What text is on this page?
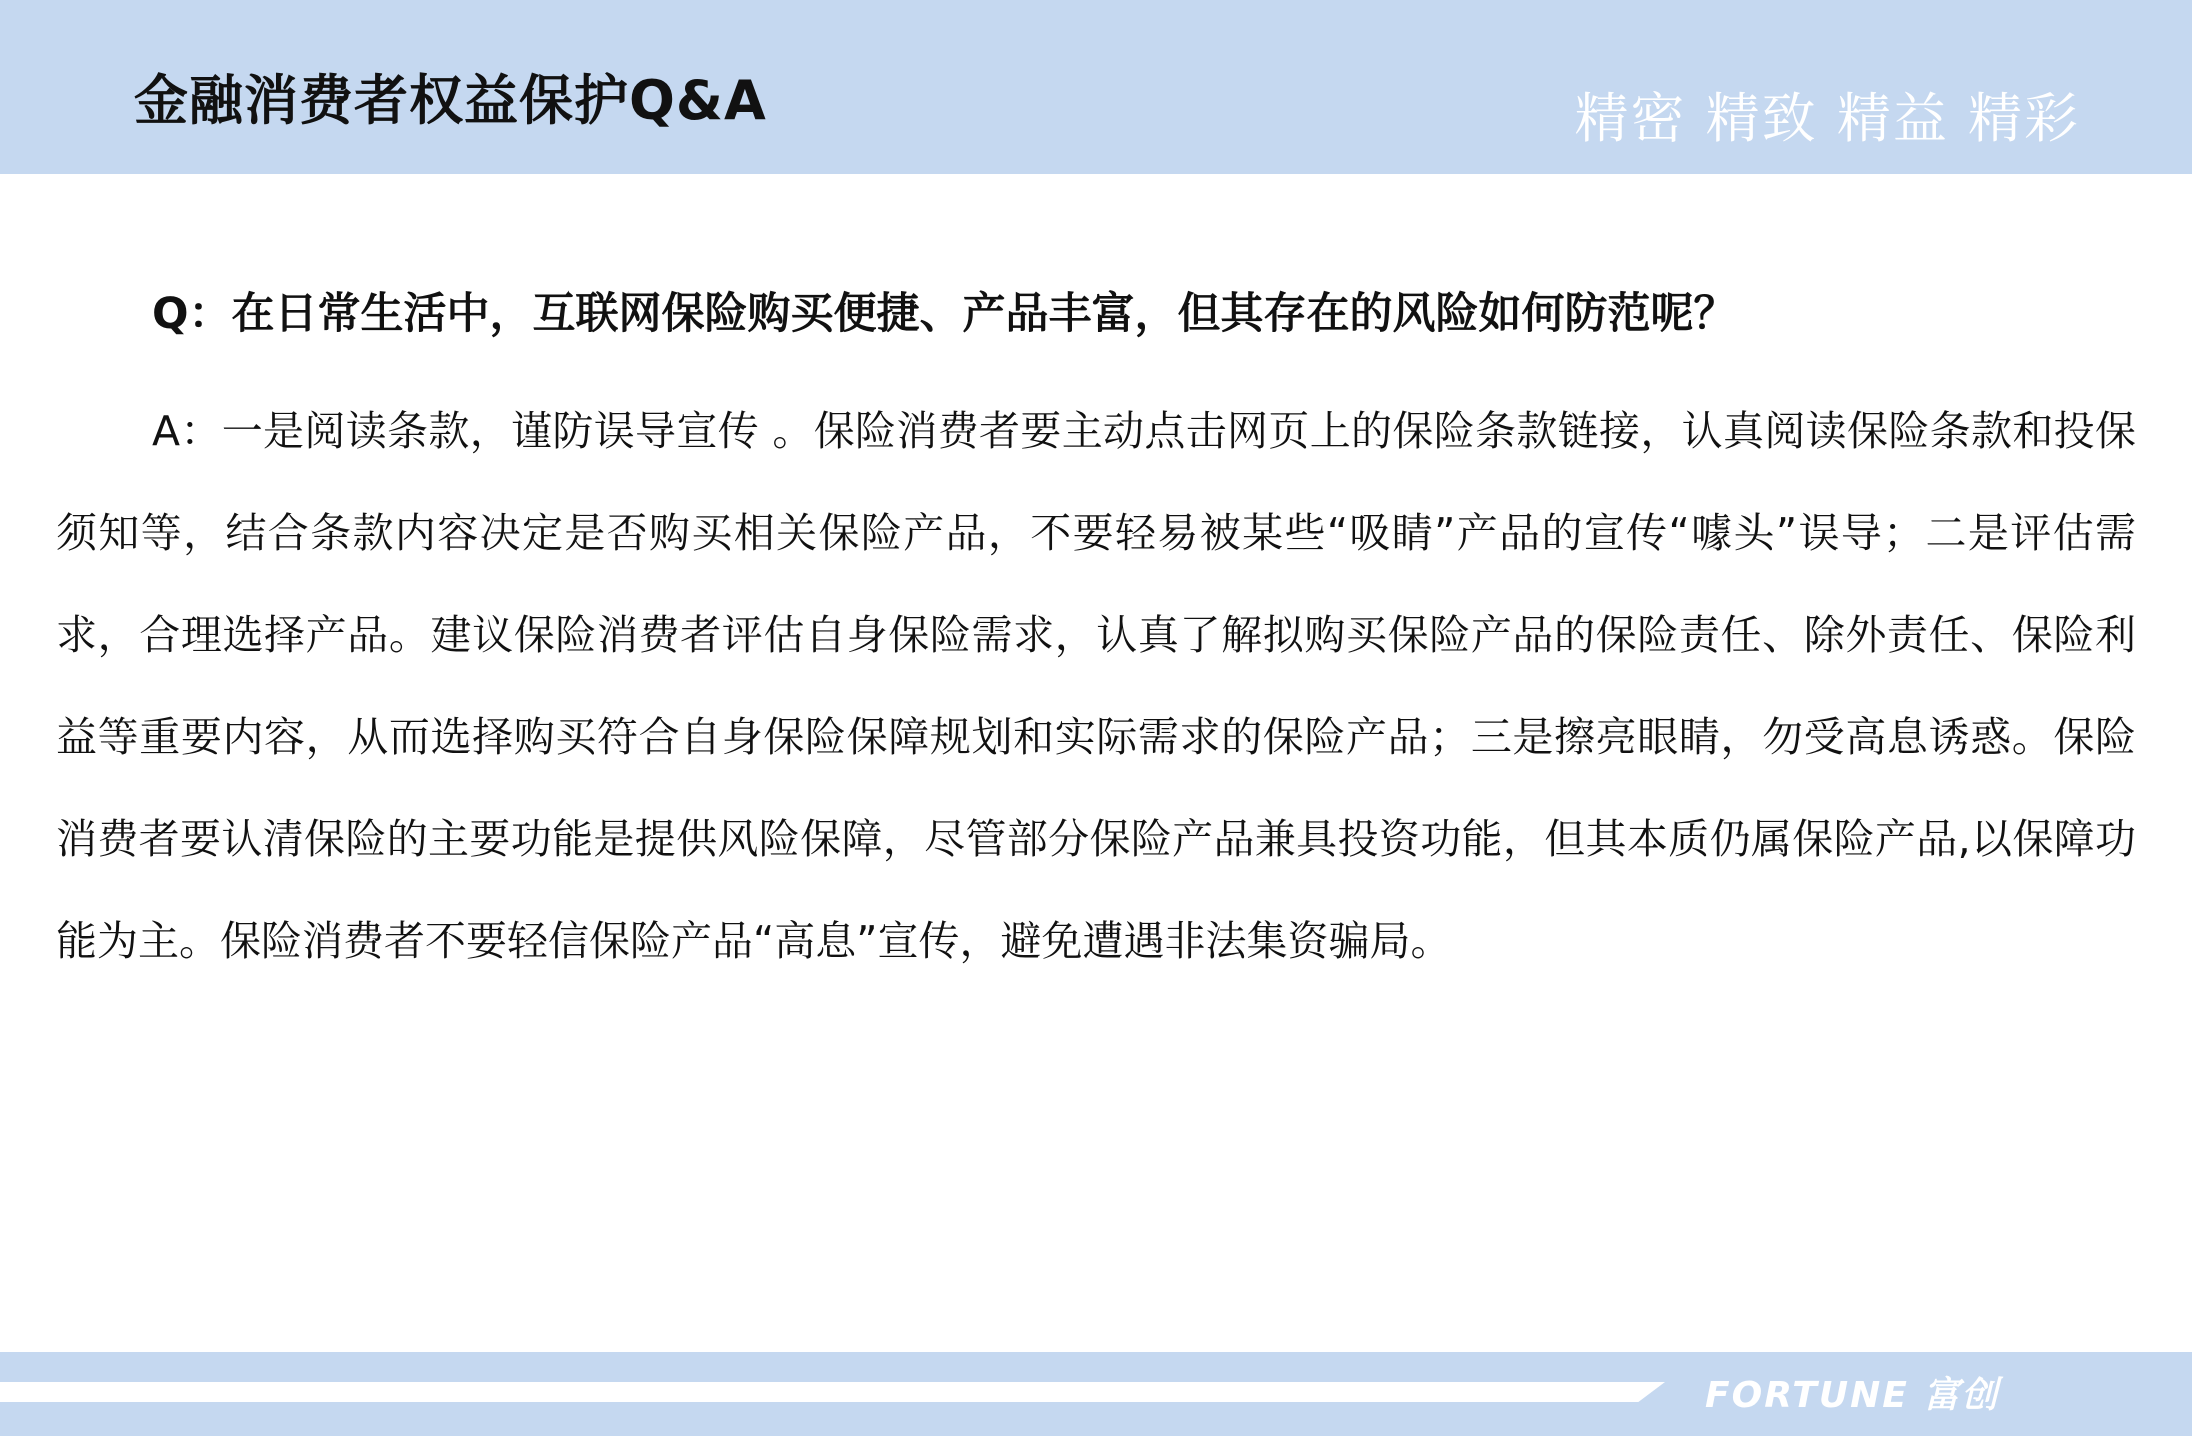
金融消费者权益保护Q&A	精密 精致 精益 精彩

Q：在日常生活中，互联网保险购买便捷、产品丰富，但其存在的风险如何防范呢？

A：一是阅读条款，谨防误导宣传 。保险消费者要主动点击网页上的保险条款链接，认真阅读保险条款和投保须知等，结合条款内容决定是否购买相关保险产品，不要轻易被某些“吸睛”产品的宣传“噱头”误导；二是评估需求，合理选择产品。建议保险消费者评估自身保险需求，认真了解拟购买保险产品的保险责任、除外责任、保险利益等重要内容，从而选择购买符合自身保险保障规划和实际需求的保险产品；三是擦亮眼睛，勿受高息诱惑。保险消费者要认清保险的主要功能是提供风险保障，尽管部分保险产品兼具投资功能，但其本质仍属保险产品,以保障功能为主。保险消费者不要轻信保险产品“高息”宣传，避免遭遇非法集资骗局。

FORTUNE 富创
